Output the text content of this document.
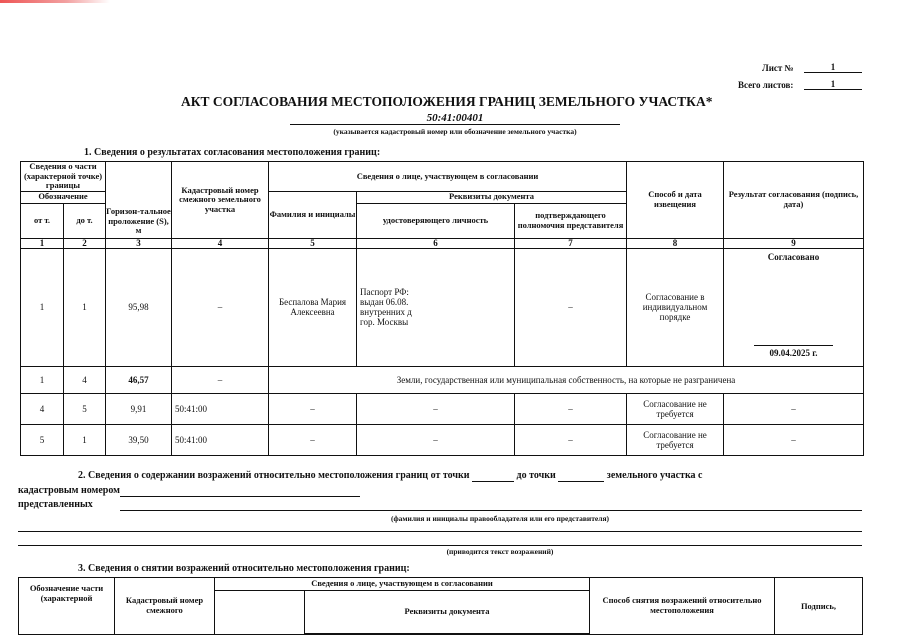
Лист №	1
Всего листов:	1
АКТ СОГЛАСОВАНИЯ МЕСТОПОЛОЖЕНИЯ ГРАНИЦ ЗЕМЕЛЬНОГО УЧАСТКА*
50:41:00401
(указывается кадастровый номер или обозначение земельного участка)
1. Сведения о результатах согласования местоположения границ:
Сведения о части (характерной точке) границы		Горизон-тальное проложение (S), м	Кадастровый номер смежного земельного участка	Сведения о лице, участвующем в согласовании			Способ и дата извещения	Результат согласования (подпись, дата)
Обозначение				Фамилия и инициалы	Реквизиты документа			
от т.	до т.				удостоверяющего личность	подтверждающего полномочия представителя		

1	2	3	4	5	6	7	8	9
1	1	95,98	–	Беспалова Мария Алексеевна	Паспорт РФ: выдан 06.08. внутренних д гор. Москвы	–	Согласование в индивидуальном порядке	Согласовано
09.04.2025 г.

1	4	46,57	–	Земли, государственная или муниципальная собственность, на которые не разграничена				
4	5	9,91	50:41:00	–	–	–	Согласование не требуется	–
5	1	39,50	50:41:00	–	–	–	Согласование не требуется	–
2. Сведения о содержании возражений относительно местоположения границ от точки	до точки	земельного участка с
кадастровым номером
представленных
(фамилия и инициалы правообладателя или его представителя)
(приводится текст возражений)
3. Сведения о снятии возражений относительно местоположения границ:
Обозначение части (характерной	Кадастровый номер смежного	Сведения о лице, участвующем в согласовании			Способ снятия возражений относительно местоположения	Подпись,
			Реквизиты документа			
